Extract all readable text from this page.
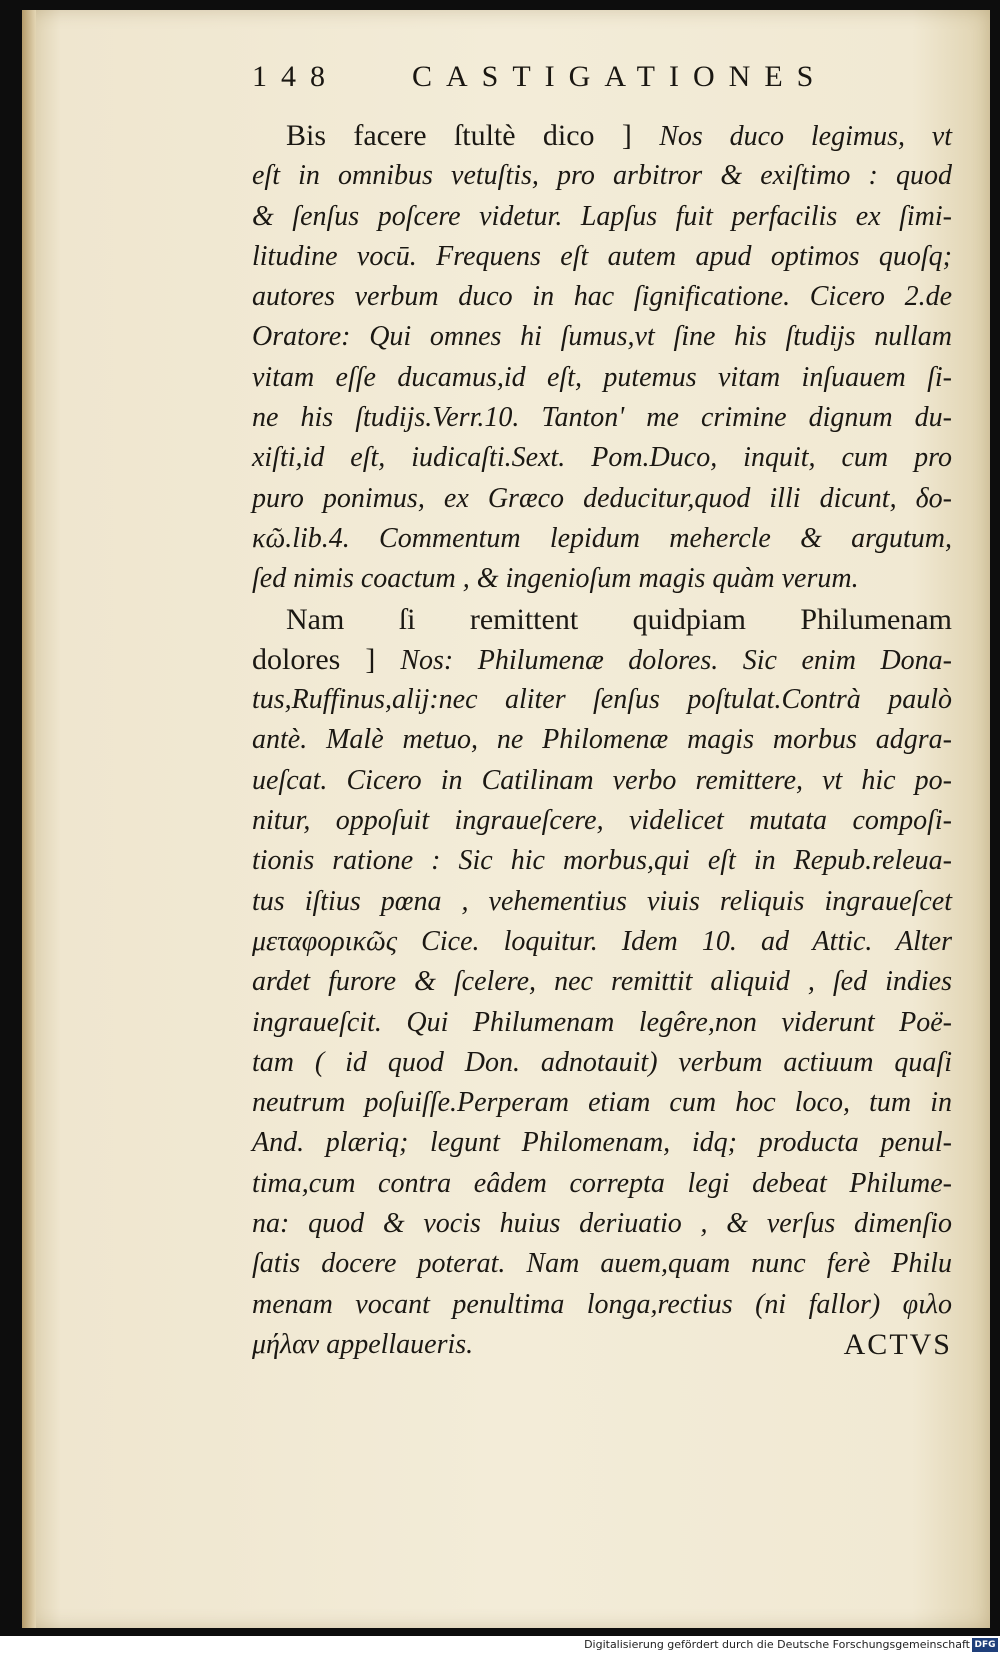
148 CASTIGATIONES
Bis facere ſtultè dico ] Nos duco legimus, vt
eſt in omnibus vetuſtis, pro arbitror & exiſtimo : quod
& ſenſus poſcere videtur. Lapſus fuit perfacilis ex ſimi-
litudine vocū. Frequens eſt autem apud optimos quoſq;
autores verbum duco in hac ſignificatione. Cicero 2.de
Oratore: Qui omnes hi ſumus,vt ſine his ſtudijs nullam
vitam eſſe ducamus,id eſt, putemus vitam inſuauem ſi-
ne his ſtudijs.Verr.10. Tanton' me crimine dignum du-
xiſti,id eſt, iudicaſti.Sext. Pom.Duco, inquit, cum pro
puro ponimus, ex Græco deducitur,quod illi dicunt, δο-
κῶ.lib.4. Commentum lepidum mehercle & argutum,
ſed nimis coactum , & ingenioſum magis quàm verum.
Nam ſi remittent quidpiam Philumenam
dolores ] Nos: Philumenæ dolores. Sic enim Dona-
tus,Ruffinus,alij:nec aliter ſenſus poſtulat.Contrà paulò
antè. Malè metuo, ne Philomenæ magis morbus adgra-
ueſcat. Cicero in Catilinam verbo remittere, vt hic po-
nitur, oppoſuit ingraueſcere, videlicet mutata compoſi-
tionis ratione : Sic hic morbus,qui eſt in Repub.releua-
tus iſtius pœna , vehementius viuis reliquis ingraueſcet
μεταφορικῶς Cice. loquitur. Idem 10. ad Attic. Alter
ardet furore & ſcelere, nec remittit aliquid , ſed indies
ingraueſcit. Qui Philumenam legêre,non viderunt Poë-
tam ( id quod Don. adnotauit) verbum actiuum quaſi
neutrum poſuiſſe.Perperam etiam cum hoc loco, tum in
And. plæriq; legunt Philomenam, idq; producta penul-
tima,cum contra eâdem correpta legi debeat Philume-
na: quod & vocis huius deriuatio , & verſus dimenſio
ſatis docere poterat. Nam auem,quam nunc ferè Philu
menam vocant penultima longa,rectius (ni fallor) φιλο
μήλαν appellaueris.	ACTVS
Digitalisierung gefördert durch die Deutsche Forschungsgemeinschaft DFG
